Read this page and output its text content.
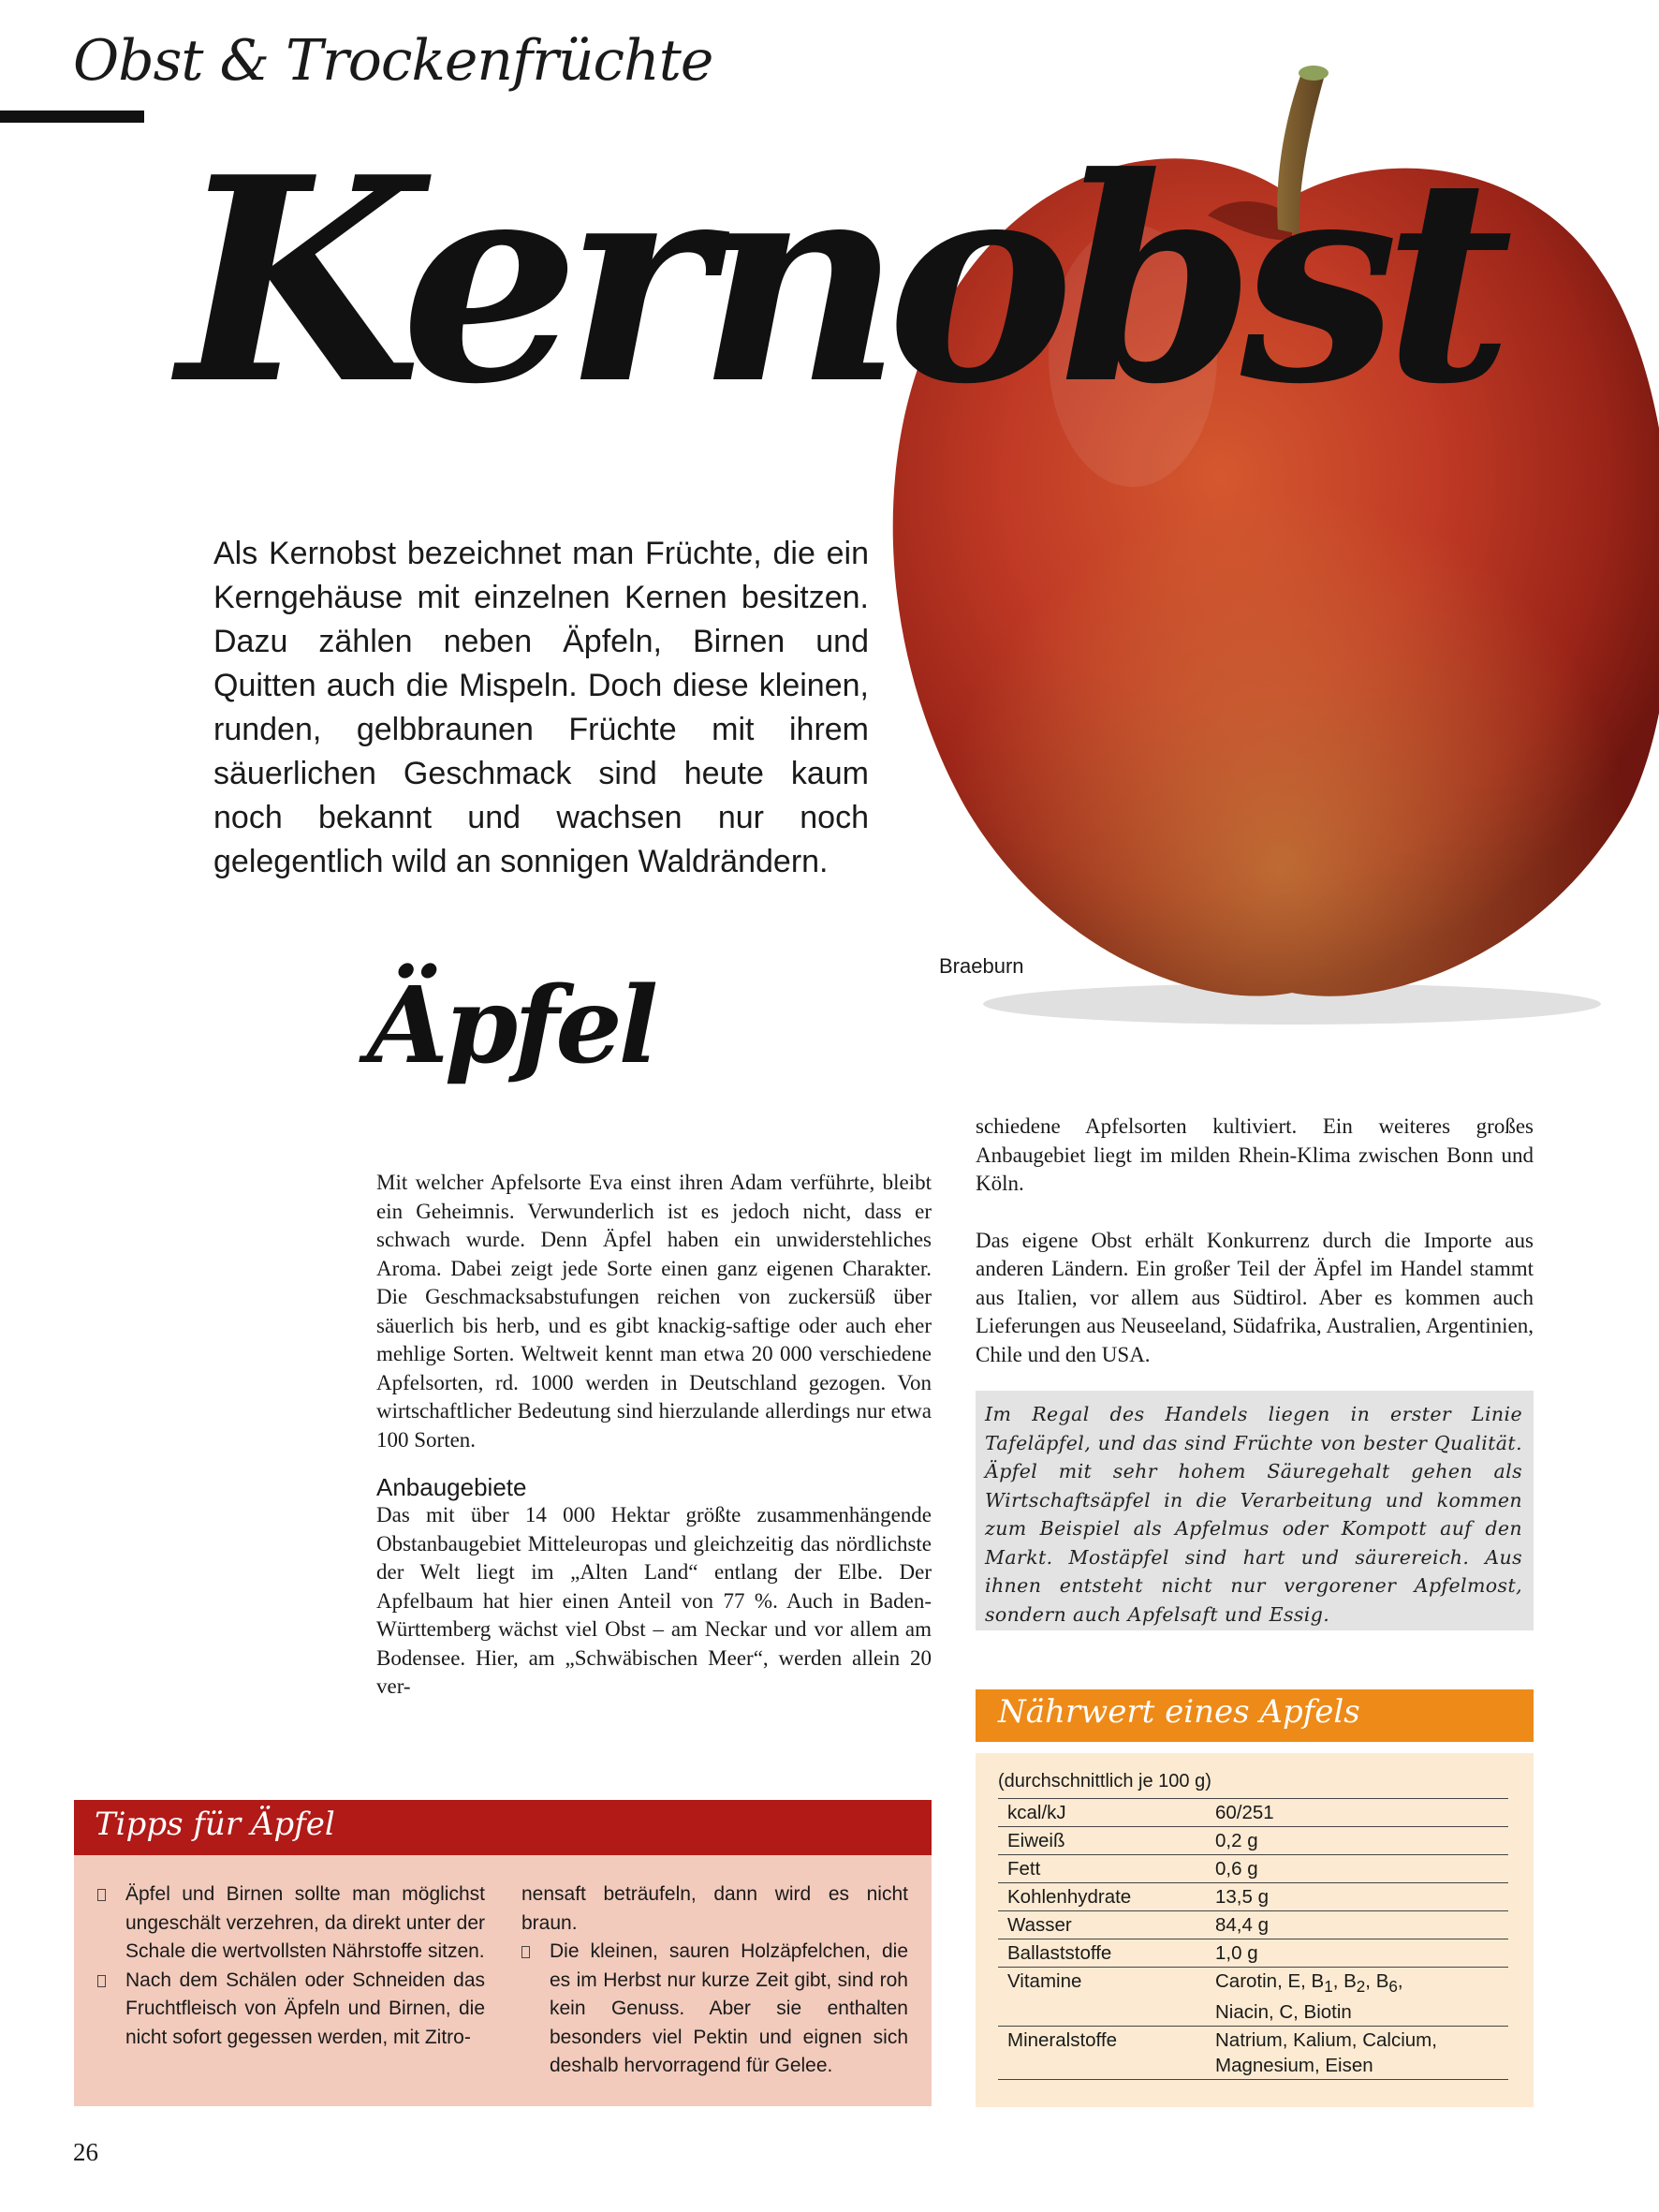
Obst & Trockenfrüchte
Kernobst
Als Kernobst bezeichnet man Früchte, die ein Kerngehäuse mit einzelnen Kernen besitzen. Dazu zählen neben Äpfeln, Birnen und Quitten auch die Mispeln. Doch diese kleinen, runden, gelbbraunen Früchte mit ihrem säuerlichen Geschmack sind heute kaum noch bekannt und wachsen nur noch gelegentlich wild an sonnigen Waldrändern.
Braeburn
Äpfel

Mit welcher Apfelsorte Eva einst ihren Adam verführte, bleibt ein Geheimnis. Verwunderlich ist es jedoch nicht, dass er schwach wurde. Denn Äpfel haben ein unwiderstehliches Aroma. Dabei zeigt jede Sorte einen ganz eigenen Charakter. Die Geschmacksabstufungen reichen von zuckersüß über säuerlich bis herb, und es gibt knackig-saftige oder auch eher mehlige Sorten. Weltweit kennt man etwa 20 000 verschiedene Apfelsorten, rd. 1000 werden in Deutschland gezogen. Von wirtschaftlicher Bedeutung sind hierzulande allerdings nur etwa 100 Sorten.

Anbaugebiete

Das mit über 14 000 Hektar größte zusammenhängende Obstanbaugebiet Mitteleuropas und gleichzeitig das nördlichste der Welt liegt im „Alten Land“ entlang der Elbe. Der Apfelbaum hat hier einen Anteil von 77 %. Auch in Baden-Württemberg wächst viel Obst – am Neckar und vor allem am Bodensee. Hier, am „Schwäbischen Meer“, werden allein 20 ver-

schiedene Apfelsorten kultiviert. Ein weiteres großes Anbaugebiet liegt im milden Rhein-Klima zwischen Bonn und Köln.

Das eigene Obst erhält Konkurrenz durch die Importe aus anderen Ländern. Ein großer Teil der Äpfel im Handel stammt aus Italien, vor allem aus Südtirol. Aber es kommen auch Lieferungen aus Neuseeland, Südafrika, Australien, Argentinien, Chile und den USA.

Im Regal des Handels liegen in erster Linie Tafeläpfel, und das sind Früchte von bester Qualität. Äpfel mit sehr hohem Säuregehalt gehen als Wirtschaftsäpfel in die Verarbeitung und kommen zum Beispiel als Apfelmus oder Kompott auf den Markt. Mostäpfel sind hart und säurereich. Aus ihnen entsteht nicht nur vergorener Apfelmost, sondern auch Apfelsaft und Essig.
Tipps für Äpfel
Äpfel und Birnen sollte man möglichst ungeschält verzehren, da direkt unter der Schale die wertvollsten Nährstoffe sitzen.
Nach dem Schälen oder Schneiden das Fruchtfleisch von Äpfeln und Birnen, die nicht sofort gegessen werden, mit Zitro-
nensaft beträufeln, dann wird es nicht braun.
Die kleinen, sauren Holzäpfelchen, die es im Herbst nur kurze Zeit gibt, sind roh kein Genuss. Aber sie enthalten besonders viel Pektin und eignen sich deshalb hervorragend für Gelee.
Nährwert eines Apfels
(durchschnittlich je 100 g)
kcal/kJ	60/251
Eiweiß	0,2 g
Fett	0,6 g
Kohlenhydrate	13,5 g
Wasser	84,4 g
Ballaststoffe	1,0 g
Vitamine	Carotin, E, $B_1$, $B_2$, $B_6$,
Niacin, C, Biotin
Mineralstoffe	Natrium, Kalium, Calcium,
Magnesium, Eisen
26
